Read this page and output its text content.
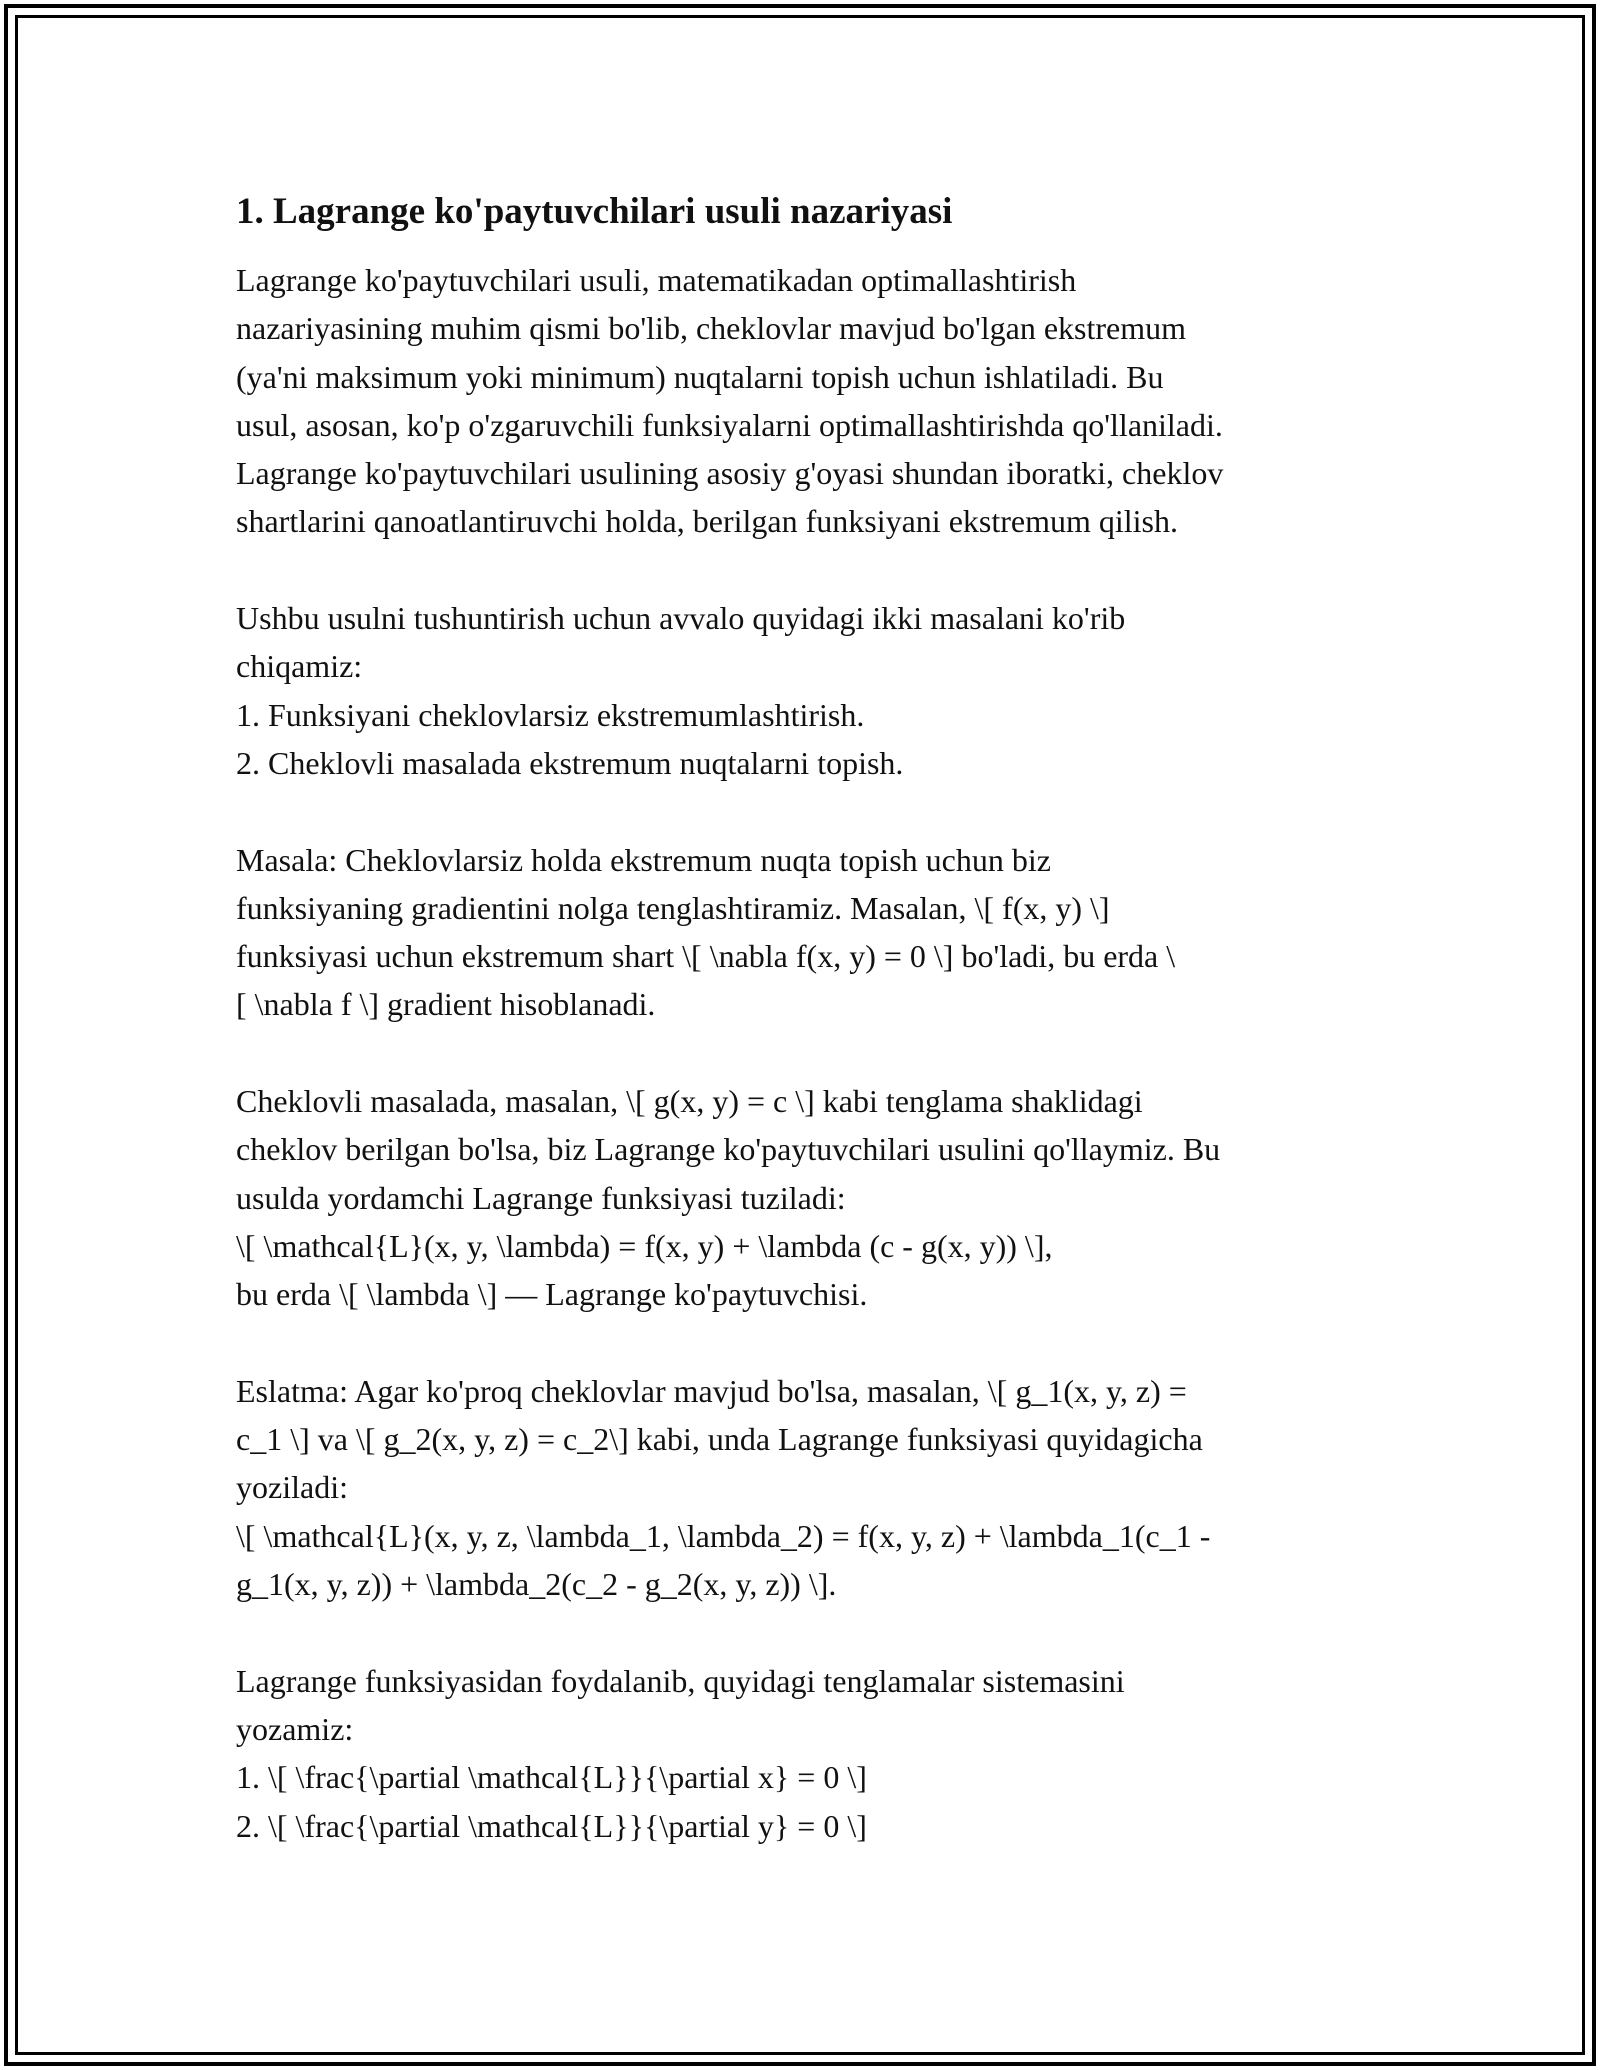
1. Lagrange ko'paytuvchilari usuli nazariyasi

Lagrange ko'paytuvchilari usuli, matematikadan optimallashtirish
nazariyasining muhim qismi bo'lib, cheklovlar mavjud bo'lgan ekstremum
(ya'ni maksimum yoki minimum) nuqtalarni topish uchun ishlatiladi. Bu
usul, asosan, ko'p o'zgaruvchili funksiyalarni optimallashtirishda qo'llaniladi.
Lagrange ko'paytuvchilari usulining asosiy g'oyasi shundan iboratki, cheklov
shartlarini qanoatlantiruvchi holda, berilgan funksiyani ekstremum qilish.

Ushbu usulni tushuntirish uchun avvalo quyidagi ikki masalani ko'rib
chiqamiz:
1. Funksiyani cheklovlarsiz ekstremumlashtirish.
2. Cheklovli masalada ekstremum nuqtalarni topish.

Masala: Cheklovlarsiz holda ekstremum nuqta topish uchun biz
funksiyaning gradientini nolga tenglashtiramiz. Masalan, \[ f(x, y) \]
funksiyasi uchun ekstremum shart \[ \nabla f(x, y) = 0 \] bo'ladi, bu erda \
[ \nabla f \] gradient hisoblanadi.

Cheklovli masalada, masalan, \[ g(x, y) = c \] kabi tenglama shaklidagi
cheklov berilgan bo'lsa, biz Lagrange ko'paytuvchilari usulini qo'llaymiz. Bu
usulda yordamchi Lagrange funksiyasi tuziladi:
\[ \mathcal{L}(x, y, \lambda) = f(x, y) + \lambda (c - g(x, y)) \],
bu erda \[ \lambda \] — Lagrange ko'paytuvchisi.

Eslatma: Agar ko'proq cheklovlar mavjud bo'lsa, masalan, \[ g_1(x, y, z) =
c_1 \] va \[ g_2(x, y, z) = c_2\] kabi, unda Lagrange funksiyasi quyidagicha
yoziladi:
\[ \mathcal{L}(x, y, z, \lambda_1, \lambda_2) = f(x, y, z) + \lambda_1(c_1 -
g_1(x, y, z)) + \lambda_2(c_2 - g_2(x, y, z)) \].

Lagrange funksiyasidan foydalanib, quyidagi tenglamalar sistemasini
yozamiz:
1. \[ \frac{\partial \mathcal{L}}{\partial x} = 0 \]
2. \[ \frac{\partial \mathcal{L}}{\partial y} = 0 \]
